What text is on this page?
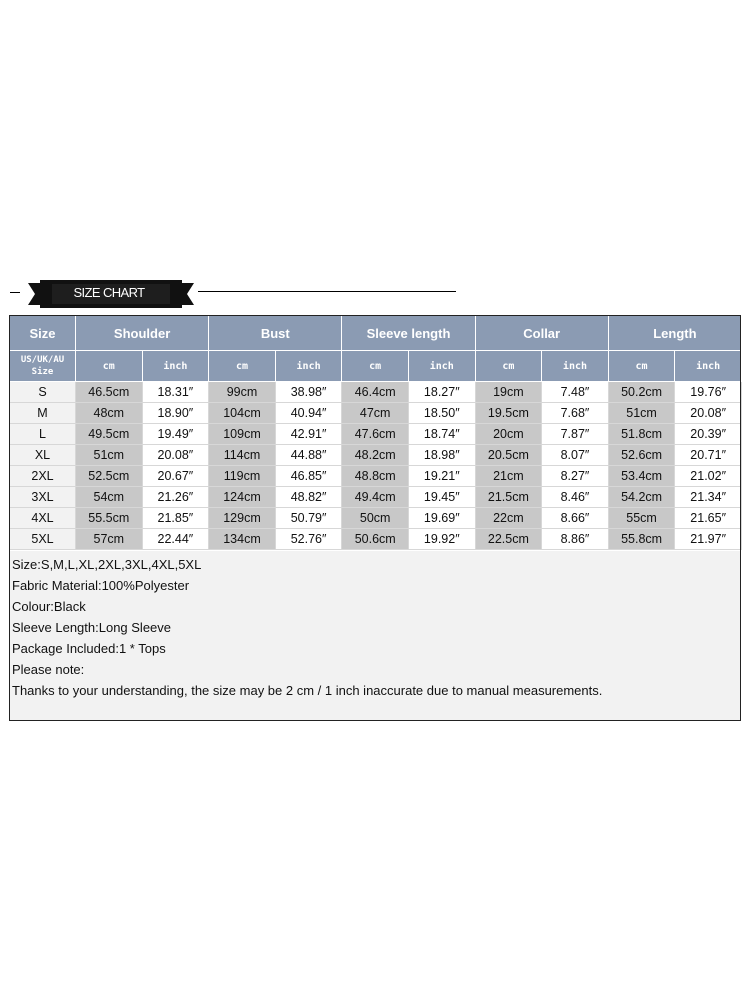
SIZE CHART
Size	Shoulder		Bust		Sleeve length		Collar		Length	

US/UK/AU
Size	cm	inch	cm	inch	cm	inch	cm	inch	cm	inch
S	46.5cm	18.31″	99cm	38.98″	46.4cm	18.27″	19cm	7.48″	50.2cm	19.76″
M	48cm	18.90″	104cm	40.94″	47cm	18.50″	19.5cm	7.68″	51cm	20.08″
L	49.5cm	19.49″	109cm	42.91″	47.6cm	18.74″	20cm	7.87″	51.8cm	20.39″
XL	51cm	20.08″	114cm	44.88″	48.2cm	18.98″	20.5cm	8.07″	52.6cm	20.71″
2XL	52.5cm	20.67″	119cm	46.85″	48.8cm	19.21″	21cm	8.27″	53.4cm	21.02″
3XL	54cm	21.26″	124cm	48.82″	49.4cm	19.45″	21.5cm	8.46″	54.2cm	21.34″
4XL	55.5cm	21.85″	129cm	50.79″	50cm	19.69″	22cm	8.66″	55cm	21.65″
5XL	57cm	22.44″	134cm	52.76″	50.6cm	19.92″	22.5cm	8.86″	55.8cm	21.97″
Size:S,M,L,XL,2XL,3XL,4XL,5XL
Fabric Material:100%Polyester
Colour:Black
Sleeve Length:Long Sleeve
Package Included:1 * Tops
Please note:
Thanks to your understanding, the size may be 2 cm / 1 inch inaccurate due to manual measurements.
